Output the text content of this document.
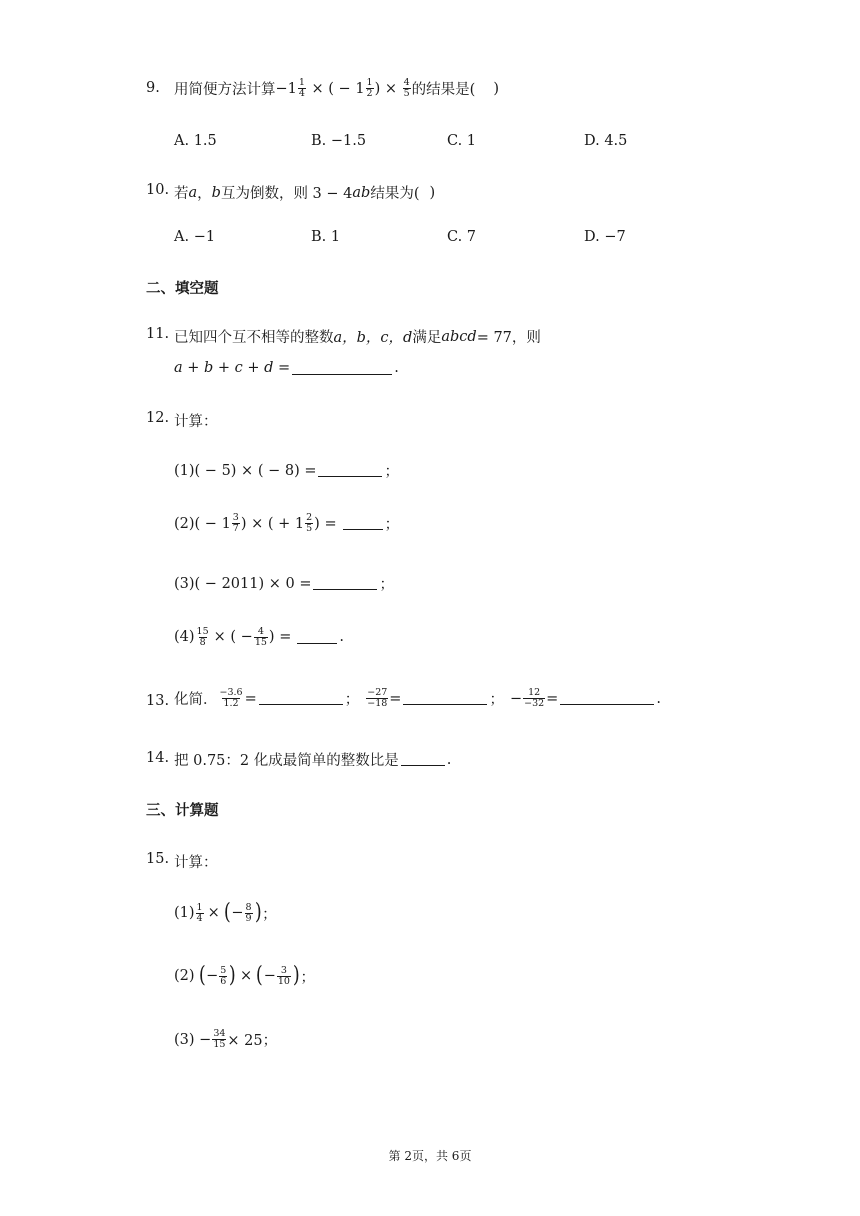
9. 用简便方法计算 $-1 \frac{1}{4}$ × ( − $1 \frac{1}{2}$ ) × $\frac{4}{5}$ 的结果是( )
A. 1.5	B. −1.5	C. 1	D. 4.5
10. 若 a ， b 互为倒数，则 3 − 4 ab 结果为( )
A. −1	B. 1	C. 7	D. −7
二、填空题
11. 已知四个互不相等的整数 a，b，c，d 满足 abcd = 77，则
a + b + c + d =	.
12. 计算：
(1)( − 5) × ( − 8) =	；
$(2)( - 1 \frac{3}{7}$ ) × ( + $1 \frac{2}{5}$ ) =	；
(3)( − 2011) × 0 =	；
$(4) \frac{15}{8}$ × ( − $\frac{4}{15}$ ) =	.
13. 化简． $\frac{-3.6}{1.2}$ =	； $\frac{-27}{-18}$ =	； − $\frac{12}{-32}$ =	.
14. 把 0.75：2 化成最简单的整数比是	.
三、计算题
15. 计算：
$(1) \frac{1}{4}$ × ( − $\frac{8}{9}$ ) ；
(2) ( − $\frac{5}{6}$ ) × ( − $\frac{3}{10}$ ) ；
$(3) - \frac{34}{15} \times 25$；
第 2页，共 6页
